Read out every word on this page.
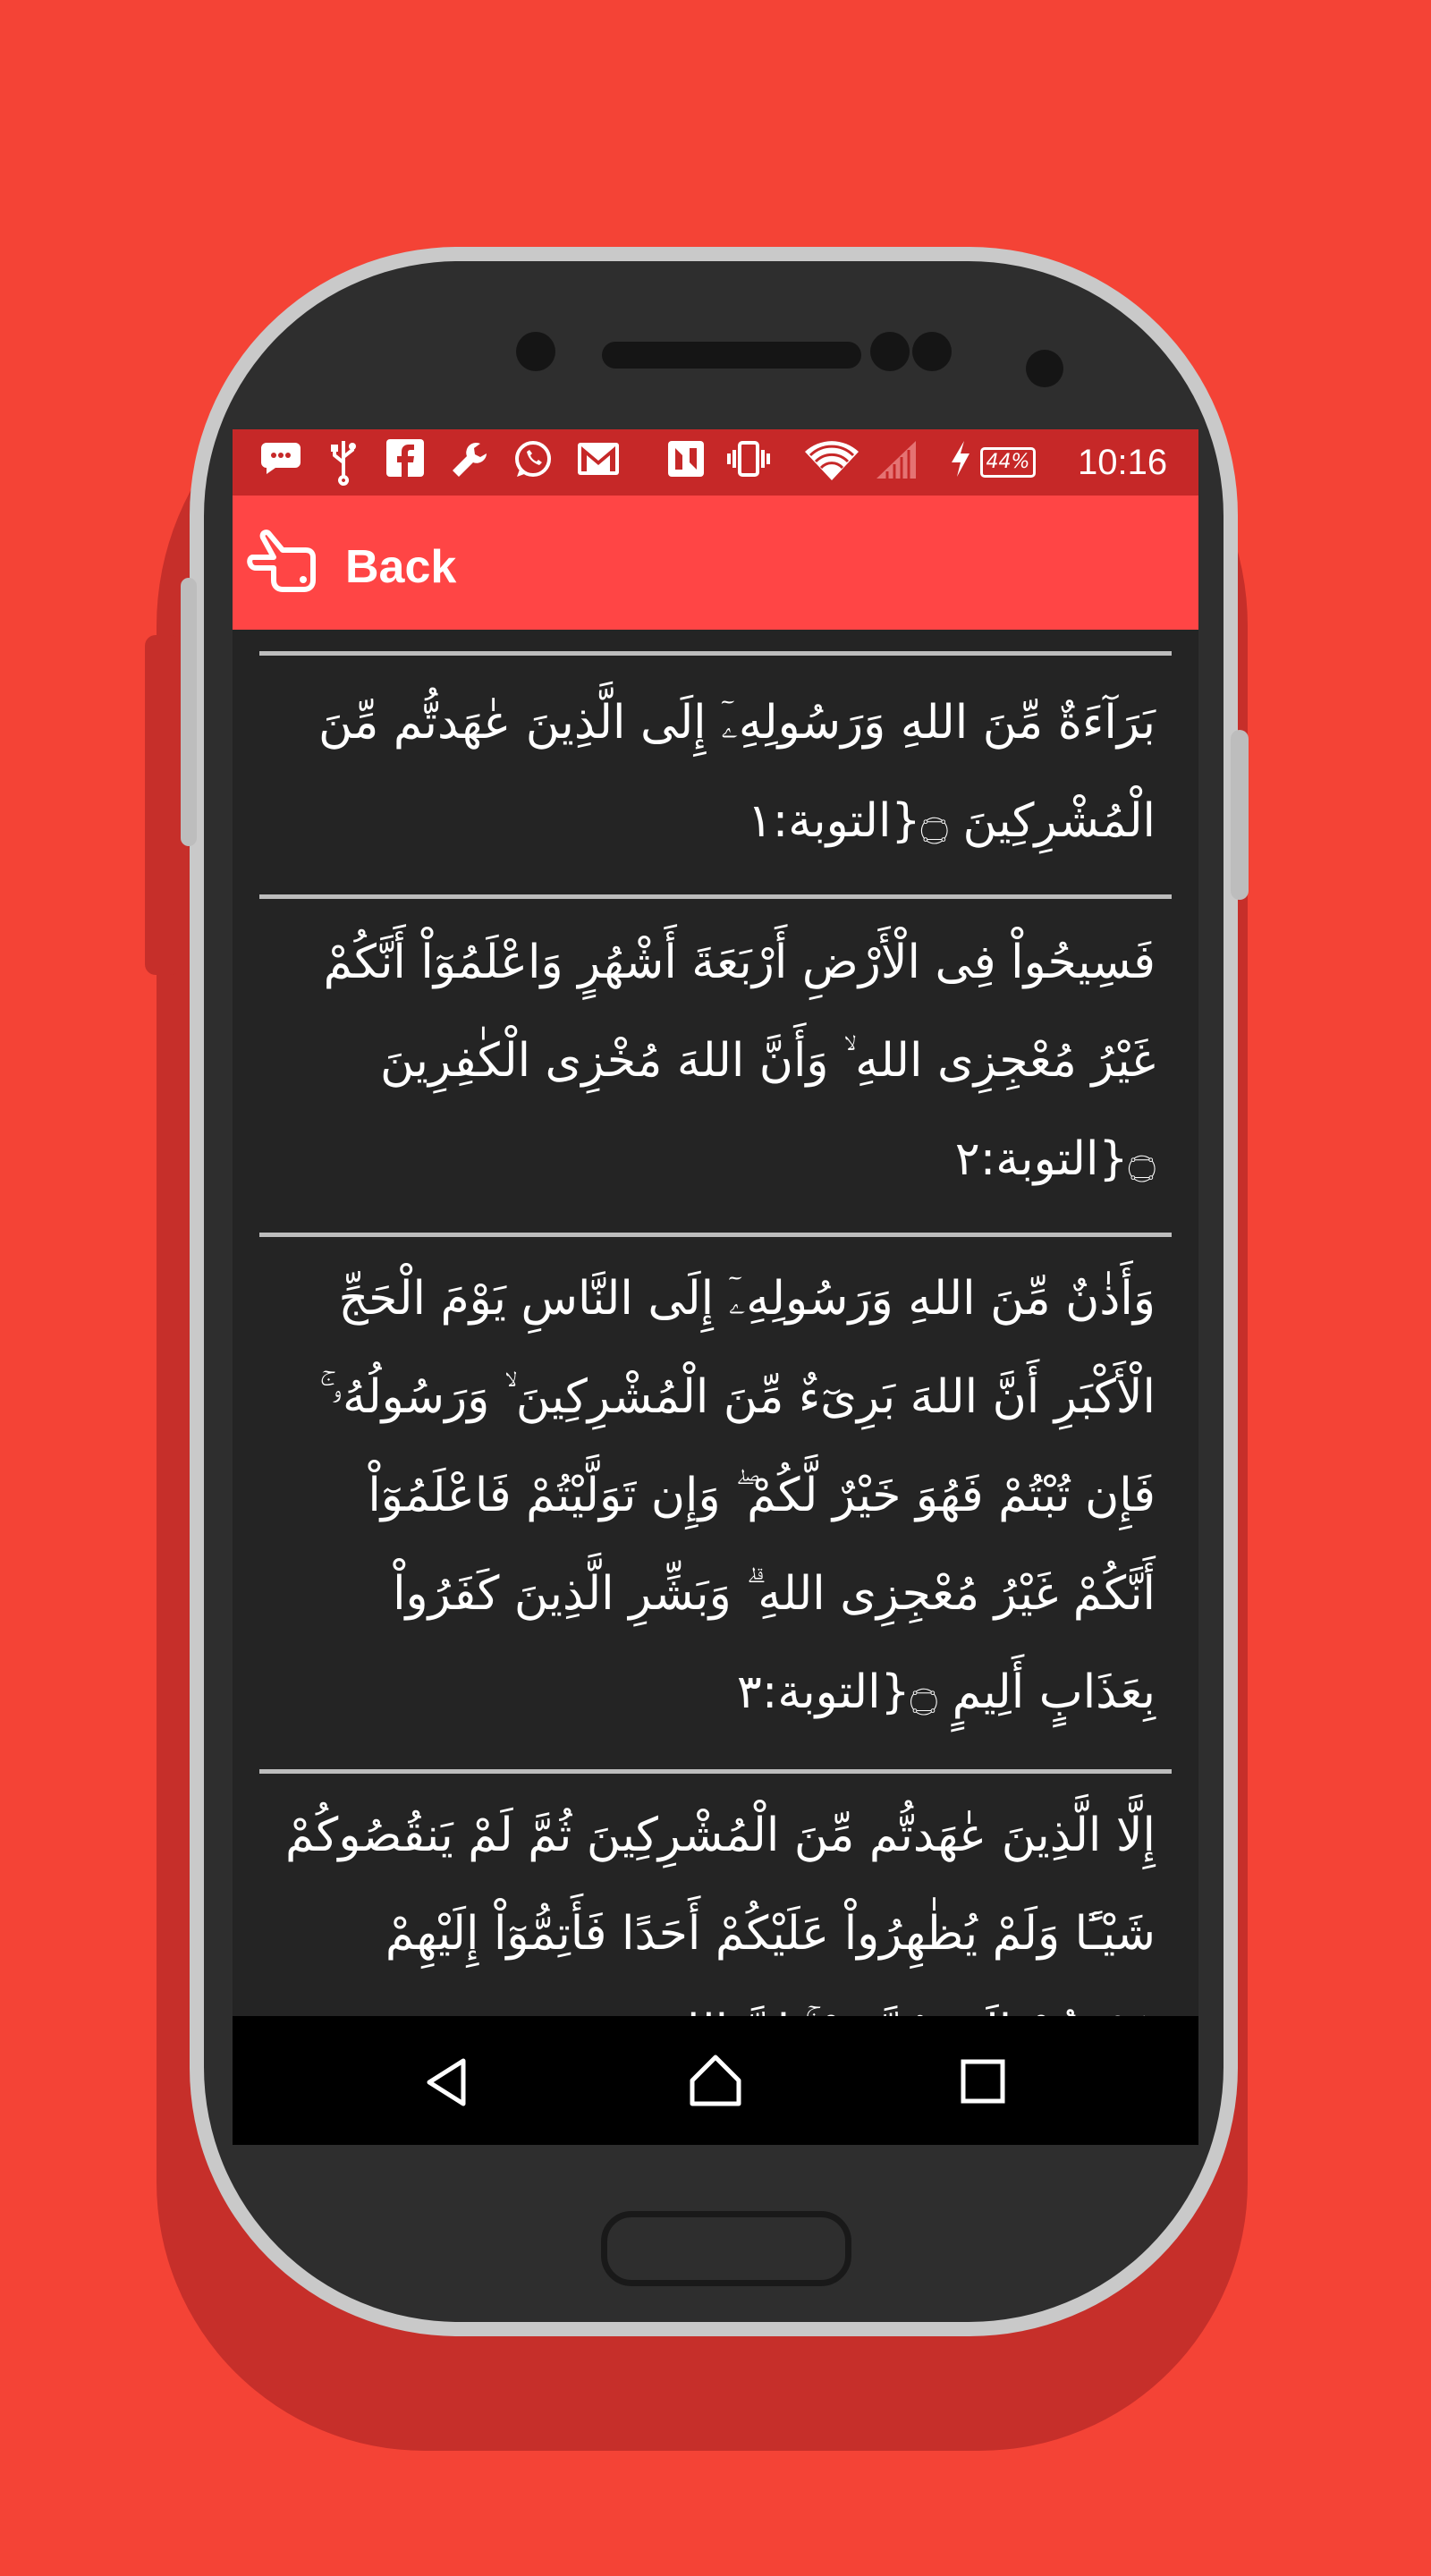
44% 10:16
Back
بَرَآءَةٌ مِّنَ اللهِ وَرَسُولِهِۦٓ إِلَى الَّذِينَ عٰهَدتُّم مِّنَ الْمُشْرِكِينَ ۝{التوبة:١
فَسِيحُواْ فِى الْأَرْضِ أَرْبَعَةَ أَشْهُرٍ وَاعْلَمُوٓاْ أَنَّكُمْ غَيْرُ مُعْجِزِى اللهِ ۙ وَأَنَّ اللهَ مُخْزِى الْكٰفِرِينَ ۝{التوبة:٢
وَأَذٰنٌ مِّنَ اللهِ وَرَسُولِهِۦٓ إِلَى النَّاسِ يَوْمَ الْحَجِّ الْأَكْبَرِ أَنَّ اللهَ بَرِىٓءٌ مِّنَ الْمُشْرِكِينَ ۙ وَرَسُولُهُۥ ۚ فَإِن تُبْتُمْ فَهُوَ خَيْرٌ لَّكُمْ ۖ وَإِن تَوَلَّيْتُمْ فَاعْلَمُوٓاْ أَنَّكُمْ غَيْرُ مُعْجِزِى اللهِ ۗ وَبَشِّرِ الَّذِينَ كَفَرُواْ بِعَذَابٍ أَلِيمٍ ۝{التوبة:٣
إِلَّا الَّذِينَ عٰهَدتُّم مِّنَ الْمُشْرِكِينَ ثُمَّ لَمْ يَنقُصُوكُمْ شَيْـًٔا وَلَمْ يُظٰهِرُواْ عَلَيْكُمْ أَحَدًا فَأَتِمُّوٓاْ إِلَيْهِمْ
